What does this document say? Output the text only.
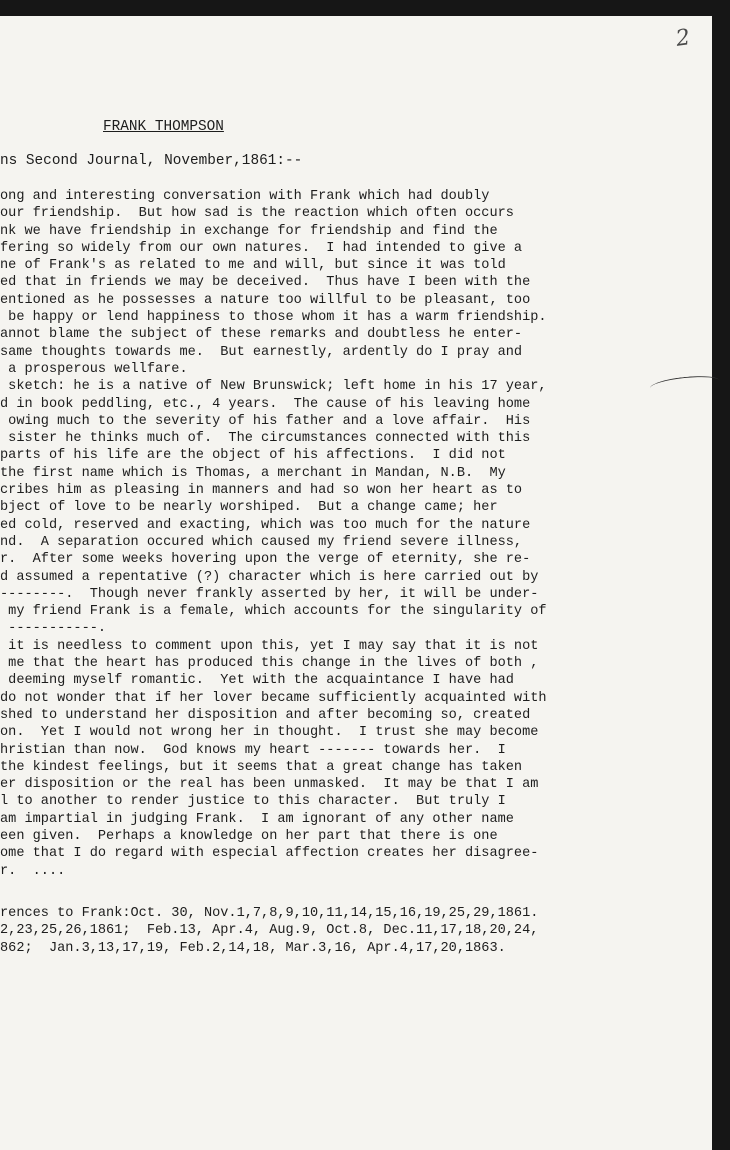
2
FRANK THOMPSON
ns Second Journal, November,1861:--
ong and interesting conversation with Frank which had doubly
our friendship.  But how sad is the reaction which often occurs
nk we have friendship in exchange for friendship and find the
fering so widely from our own natures.  I had intended to give a
ne of Frank's as related to me and will, but since it was told
ed that in friends we may be deceived.  Thus have I been with the
entioned as he possesses a nature too willful to be pleasant, too
be happy or lend happiness to those whom it has a warm friendship.
annot blame the subject of these remarks and doubtless he enter-
same thoughts towards me.  But earnestly, ardently do I pray and
a prosperous wellfare.
sketch: he is a native of New Brunswick; left home in his 17 year,
d in book peddling, etc., 4 years.  The cause of his leaving home
owing much to the severity of his father and a love affair.  His
sister he thinks much of.  The circumstances connected with this
parts of his life are the object of his affections.  I did not
the first name which is Thomas, a merchant in Mandan, N.B.  My
cribes him as pleasing in manners and had so won her heart as to
bject of love to be nearly worshiped.  But a change came; her
ed cold, reserved and exacting, which was too much for the nature
nd.  A separation occured which caused my friend severe illness,
r.  After some weeks hovering upon the verge of eternity, she re-
d assumed a repentative (?) character which is here carried out by
--------.  Though never frankly asserted by her, it will be under-
my friend Frank is a female, which accounts for the singularity of
-----------.
it is needless to comment upon this, yet I may say that it is not
me that the heart has produced this change in the lives of both ,
deeming myself romantic.  Yet with the acquaintance I have had
do not wonder that if her lover became sufficiently acquainted with
shed to understand her disposition and after becoming so, created
on.  Yet I would not wrong her in thought.  I trust she may become
hristian than now.  God knows my heart ------- towards her.  I
the kindest feelings, but it seems that a great change has taken
er disposition or the real has been unmasked.  It may be that I am
l to another to render justice to this character.  But truly I
am impartial in judging Frank.  I am ignorant of any other name
een given.  Perhaps a knowledge on her part that there is one
ome that I do regard with especial affection creates her disagree-
r.  ....
rences to Frank:Oct. 30, Nov.1,7,8,9,10,11,14,15,16,19,25,29,1861.
2,23,25,26,1861;  Feb.13, Apr.4, Aug.9, Oct.8, Dec.11,17,18,20,24,
862;  Jan.3,13,17,19, Feb.2,14,18, Mar.3,16, Apr.4,17,20,1863.
